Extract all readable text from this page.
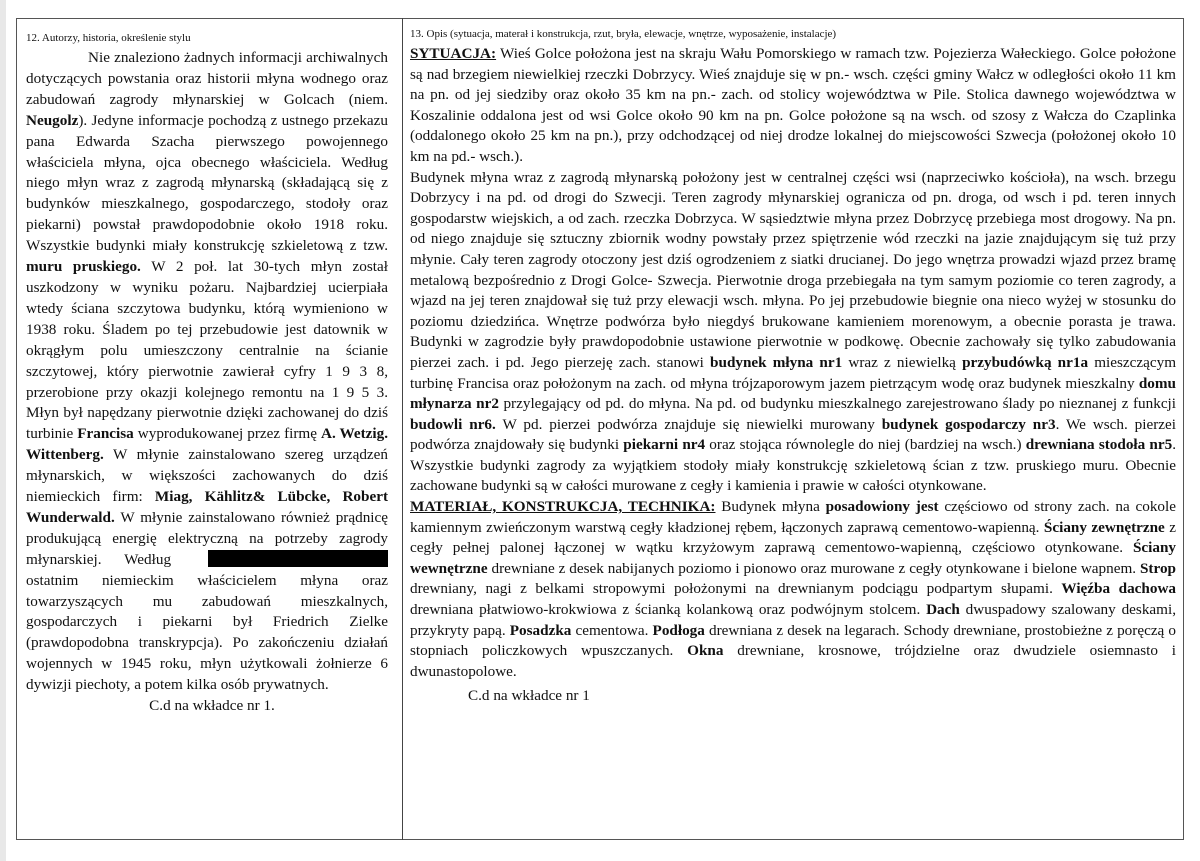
12. Autorzy, historia, określenie stylu

Nie znaleziono żadnych informacji archiwalnych dotyczących powstania oraz historii młyna wodnego oraz zabudowań zagrody młynarskiej w Golcach (niem. Neugolz). Jedyne informacje pochodzą z ustnego przekazu pana Edwarda Szacha pierwszego powojennego właściciela młyna, ojca obecnego właściciela. Według niego młyn wraz z zagrodą młynarską (składającą się z budynków mieszkalnego, gospodarczego, stodoły oraz piekarni) powstał prawdopodobnie około 1918 roku. Wszystkie budynki miały konstrukcję szkieletową z tzw. muru pruskiego. W 2 poł. lat 30-tych młyn został uszkodzony w wyniku pożaru. Najbardziej ucierpiała wtedy ściana szczytowa budynku, którą wymieniono w 1938 roku. Śladem po tej przebudowie jest datownik w okrągłym polu umieszczony centralnie na ścianie szczytowej, który pierwotnie zawierał cyfry 1 9 3 8, przerobione przy okazji kolejnego remontu na 1 9 5 3. Młyn był napędzany pierwotnie dzięki zachowanej do dziś turbinie Francisa wyprodukowanej przez firmę A. Wetzig. Wittenberg. W młynie zainstalowano szereg urządzeń młynarskich, w większości zachowanych do dziś niemieckich firm: Miag, Kählitz& Lübcke, Robert Wunderwald. W młynie zainstalowano również prądnicę produkującą energię elektryczną na potrzeby zagrody młynarskiej. Według ostatnim niemieckim właścicielem młyna oraz towarzyszących mu zabudowań mieszkalnych, gospodarczych i piekarni był Friedrich Zielke (prawdopodobna transkrypcja). Po zakończeniu działań wojennych w 1945 roku, młyn użytkowali żołnierze 6 dywizji piechoty, a potem kilka osób prywatnych.

C.d na wkładce nr 1.
13. Opis (sytuacja, materał i konstrukcja, rzut, bryła, elewacje, wnętrze, wyposażenie, instalacje)

SYTUACJA: Wieś Golce położona jest na skraju Wału Pomorskiego w ramach tzw. Pojezierza Wałeckiego. Golce położone są nad brzegiem niewielkiej rzeczki Dobrzycy. Wieś znajduje się w pn.- wsch. części gminy Wałcz w odległości około 11 km na pn. od jej siedziby oraz około 35 km na pn.- zach. od stolicy województwa w Pile. Stolica dawnego województwa w Koszalinie oddalona jest od wsi Golce około 90 km na pn. Golce położone są na wsch. od szosy z Wałcza do Czaplinka (oddalonego około 25 km na pn.), przy odchodzącej od niej drodze lokalnej do miejscowości Szwecja (położonej około 10 km na pd.- wsch.).

Budynek młyna wraz z zagrodą młynarską położony jest w centralnej części wsi (naprzeciwko kościoła), na wsch. brzegu Dobrzycy i na pd. od drogi do Szwecji. Teren zagrody młynarskiej ogranicza od pn. droga, od wsch i pd. teren innych gospodarstw wiejskich, a od zach. rzeczka Dobrzyca. W sąsiedztwie młyna przez Dobrzycę przebiega most drogowy. Na pn. od niego znajduje się sztuczny zbiornik wodny powstały przez spiętrzenie wód rzeczki na jazie znajdującym się tuż przy młynie. Cały teren zagrody otoczony jest dziś ogrodzeniem z siatki drucianej. Do jego wnętrza prowadzi wjazd przez bramę metalową bezpośrednio z Drogi Golce- Szwecja. Pierwotnie droga przebiegała na tym samym poziomie co teren zagrody, a wjazd na jej teren znajdował się tuż przy elewacji wsch. młyna. Po jej przebudowie biegnie ona nieco wyżej w stosunku do poziomu dziedzińca. Wnętrze podwórza było niegdyś brukowane kamieniem morenowym, a obecnie porasta je trawa. Budynki w zagrodzie były prawdopodobnie ustawione pierwotnie w podkowę. Obecnie zachowały się tylko zabudowania pierzei zach. i pd. Jego pierzeję zach. stanowi budynek młyna nr1 wraz z niewielką przybudówką nr1a mieszczącym turbinę Francisa oraz położonym na zach. od młyna trójzaporowym jazem pietrzącym wodę oraz budynek mieszkalny domu młynarza nr2 przylegający od pd. do młyna. Na pd. od budynku mieszkalnego zarejestrowano ślady po nieznanej z funkcji budowli nr6. W pd. pierzei podwórza znajduje się niewielki murowany budynek gospodarczy nr3. We wsch. pierzei podwórza znajdowały się budynki piekarni nr4 oraz stojąca równolegle do niej (bardziej na wsch.) drewniana stodoła nr5. Wszystkie budynki zagrody za wyjątkiem stodoły miały konstrukcję szkieletową ścian z tzw. pruskiego muru. Obecnie zachowane budynki są w całości murowane z cegły i kamienia i prawie w całości otynkowane.

MATERIAŁ, KONSTRUKCJA, TECHNIKA: Budynek młyna posadowiony jest częściowo od strony zach. na cokole kamiennym zwieńczonym warstwą cegły kładzionej rębem, łączonych zaprawą cementowo-wapienną. Ściany zewnętrzne z cegły pełnej palonej łączonej w wątku krzyżowym zaprawą cementowo-wapienną, częściowo otynkowane. Ściany wewnętrzne drewniane z desek nabijanych poziomo i pionowo oraz murowane z cegły otynkowane i bielone wapnem. Strop drewniany, nagi z belkami stropowymi położonymi na drewnianym podciągu podpartym słupami. Więźba dachowa drewniana płatwiowo-krokwiowa z ścianką kolankową oraz podwójnym stolcem. Dach dwuspadowy szalowany deskami, przykryty papą. Posadzka cementowa. Podłoga drewniana z desek na legarach. Schody drewniane, prostobieżne z poręczą o stopniach policzkowych wpuszczanych. Okna drewniane, krosnowe, trójdzielne oraz dwudziele osiemnasto i dwunastopolowe.

C.d na wkładce nr 1
